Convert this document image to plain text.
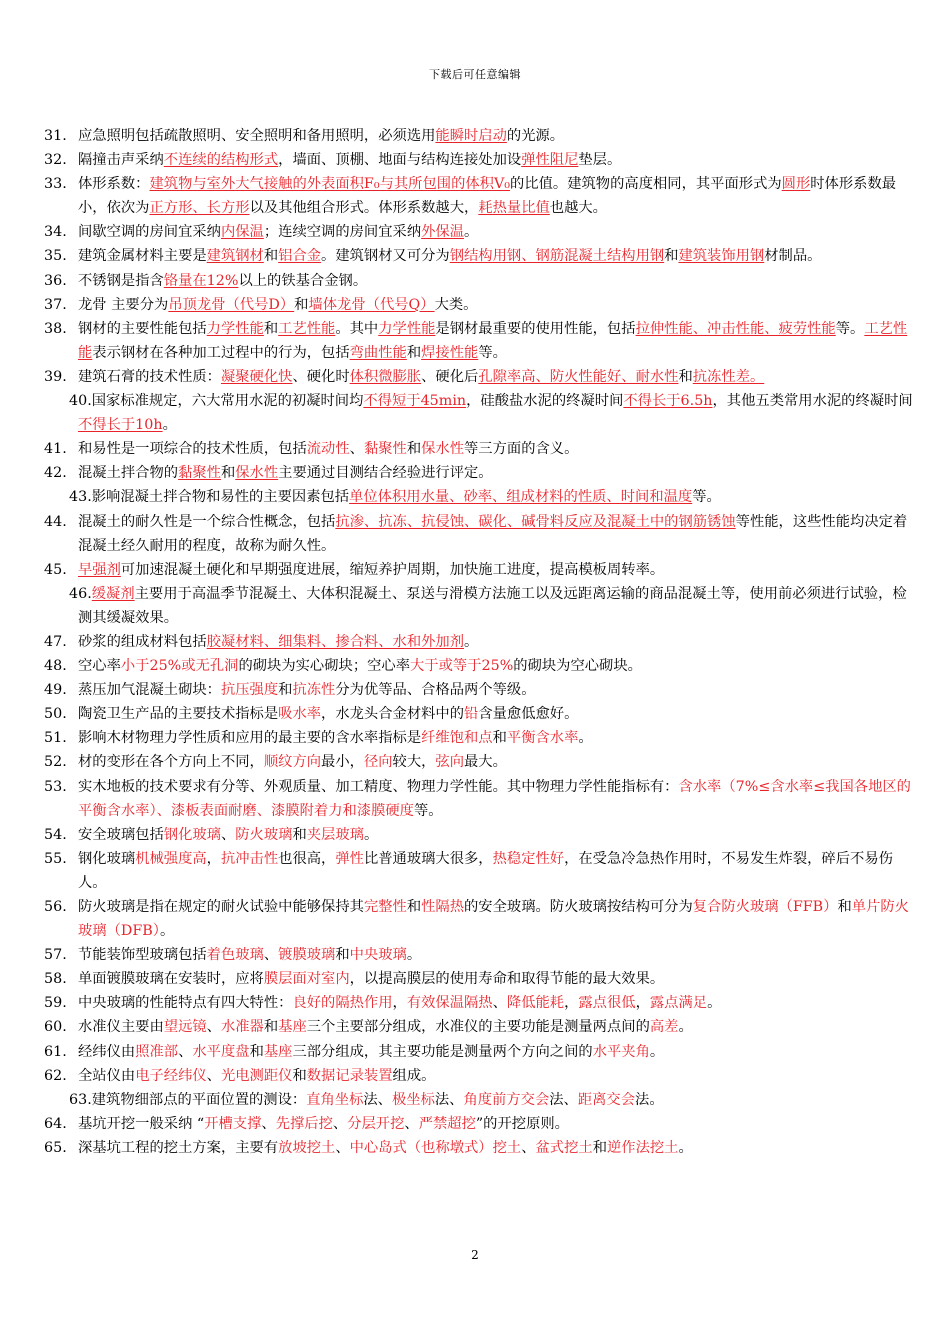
下载后可任意编辑
31. 应急照明包括疏散照明、安全照明和备用照明，必须选用能瞬时启动的光源。
32. 隔撞击声采纳不连续的结构形式，墙面、顶棚、地面与结构连接处加设弹性阻尼垫层。
33. 体形系数：建筑物与室外大气接触的外表面积F₀与其所包围的体积V₀的比值。建筑物的高度相同，其平面形式为圆形时体形系数最小，依次为正方形、长方形以及其他组合形式。体形系数越大，耗热量比值也越大。
34. 间歇空调的房间宜采纳内保温；连续空调的房间宜采纳外保温。
35. 建筑金属材料主要是建筑钢材和铝合金。建筑钢材又可分为钢结构用钢、钢筋混凝土结构用钢和建筑装饰用钢材制品。
36. 不锈钢是指含铬量在12%以上的铁基合金钢。
37. 龙骨 主要分为吊顶龙骨（代号D）和墙体龙骨（代号Q）大类。
38. 钢材的主要性能包括力学性能和工艺性能。其中力学性能是钢材最重要的使用性能，包括拉伸性能、冲击性能、疲劳性能等。工艺性能表示钢材在各种加工过程中的行为，包括弯曲性能和焊接性能等。
39. 建筑石膏的技术性质：凝聚硬化快、硬化时体积微膨胀、硬化后孔隙率高、防火性能好、耐水性和抗冻性差。
40.国家标准规定，六大常用水泥的初凝时间均不得短于45min，硅酸盐水泥的终凝时间不得长于6.5h，其他五类常用水泥的终凝时间不得长于10h。
41. 和易性是一项综合的技术性质，包括流动性、黏聚性和保水性等三方面的含义。
42. 混凝土拌合物的黏聚性和保水性主要通过目测结合经验进行评定。
43.影响混凝土拌合物和易性的主要因素包括单位体积用水量、砂率、组成材料的性质、时间和温度等。
44. 混凝土的耐久性是一个综合性概念，包括抗渗、抗冻、抗侵蚀、碳化、碱骨料反应及混凝土中的钢筋锈蚀等性能，这些性能均决定着混凝土经久耐用的程度，故称为耐久性。
45. 早强剂可加速混凝土硬化和早期强度进展，缩短养护周期，加快施工进度，提高模板周转率。
46.缓凝剂主要用于高温季节混凝土、大体积混凝土、泵送与滑模方法施工以及远距离运输的商品混凝土等，使用前必须进行试验，检测其缓凝效果。
47. 砂浆的组成材料包括胶凝材料、细集料、掺合料、水和外加剂。
48. 空心率小于25%或无孔洞的砌块为实心砌块；空心率大于或等于25%的砌块为空心砌块。
49. 蒸压加气混凝土砌块：抗压强度和抗冻性分为优等品、合格品两个等级。
50. 陶瓷卫生产品的主要技术指标是吸水率，水龙头合金材料中的铅含量愈低愈好。
51. 影响木材物理力学性质和应用的最主要的含水率指标是纤维饱和点和平衡含水率。
52. 材的变形在各个方向上不同，顺纹方向最小，径向较大，弦向最大。
53. 实木地板的技术要求有分等、外观质量、加工精度、物理力学性能。其中物理力学性能指标有：含水率（7%≤含水率≤我国各地区的平衡含水率）、漆板表面耐磨、漆膜附着力和漆膜硬度等。
54. 安全玻璃包括钢化玻璃、防火玻璃和夹层玻璃。
55. 钢化玻璃机械强度高，抗冲击性也很高，弹性比普通玻璃大很多，热稳定性好，在受急冷急热作用时，不易发生炸裂，碎后不易伤人。
56. 防火玻璃是指在规定的耐火试验中能够保持其完整性和性隔热的安全玻璃。防火玻璃按结构可分为复合防火玻璃（FFB）和单片防火玻璃（DFB）。
57. 节能装饰型玻璃包括着色玻璃、镀膜玻璃和中央玻璃。
58. 单面镀膜玻璃在安装时，应将膜层面对室内，以提高膜层的使用寿命和取得节能的最大效果。
59. 中央玻璃的性能特点有四大特性：良好的隔热作用，有效保温隔热、降低能耗，露点很低，露点满足。
60. 水准仪主要由望远镜、水准器和基座三个主要部分组成，水准仪的主要功能是测量两点间的高差。
61. 经纬仪由照准部、水平度盘和基座三部分组成，其主要功能是测量两个方向之间的水平夹角。
62. 全站仪由电子经纬仪、光电测距仪和数据记录装置组成。
63.建筑物细部点的平面位置的测设：直角坐标法、极坐标法、角度前方交会法、距离交会法。
64. 基坑开挖一般采纳 “开槽支撑、先撑后挖、分层开挖、严禁超挖”的开挖原则。
65. 深基坑工程的挖土方案，主要有放坡挖土、中心岛式（也称墩式）挖土、盆式挖土和逆作法挖土。
2
